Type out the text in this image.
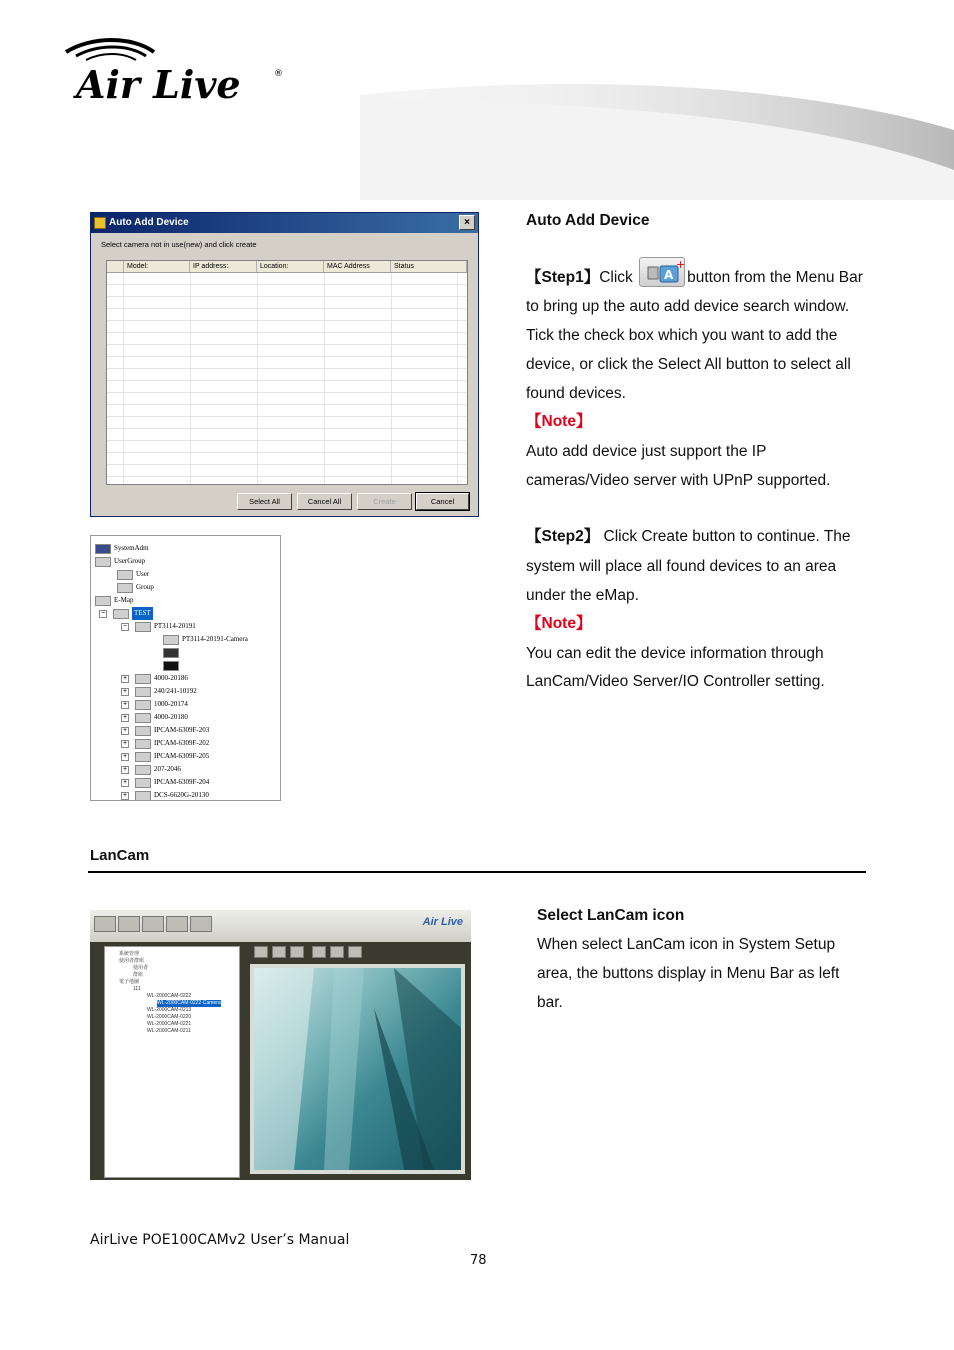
Air Live	®
Auto Add Device	×
Select camera not in use(new) and click create
Model:	IP address:	Location:	MAC Address	Status
Select All	Cancel All	Create	Cancel
SystemAdm
UserGroup
User
Group
E-Map
−	TEST
−	PT3114-20191
PT3114-20191-Camera
+	4000-20186
+	240/241-10192
+	1000-20174
+	4000-20180
+	IPCAM-6309F-203
+	IPCAM-6309F-202
+	IPCAM-6309F-205
+	207-2046
+	IPCAM-6309F-204
+	DCS-6620G-20130
Auto Add Device
【Step1】Click	A
+
button from the Menu Bar
to bring up the auto add device search window.
Tick the check box which you want to add the
device, or click the Select All button to select all
found devices.
【Note】
Auto add device just support the IP
cameras/Video server with UPnP supported.
【Step2】 Click Create button to continue. The
system will place all found devices to an area
under the eMap.
【Note】
You can edit the device information through
LanCam/Video Server/IO Controller setting.
LanCam
Air Live
系統管理
使用者群組
使用者
群組
電子地圖
111
WL-2000CAM-0222
WL-2000CAM-0222-Camera
WL-2000CAM-0213
WL-2000CAM-0220
WL-2000CAM-0221
WL-2000CAM-0211
Select LanCam icon
When select LanCam icon in System Setup
area, the buttons display in Menu Bar as left
bar.
AirLive POE100CAMv2 User’s Manual
78
